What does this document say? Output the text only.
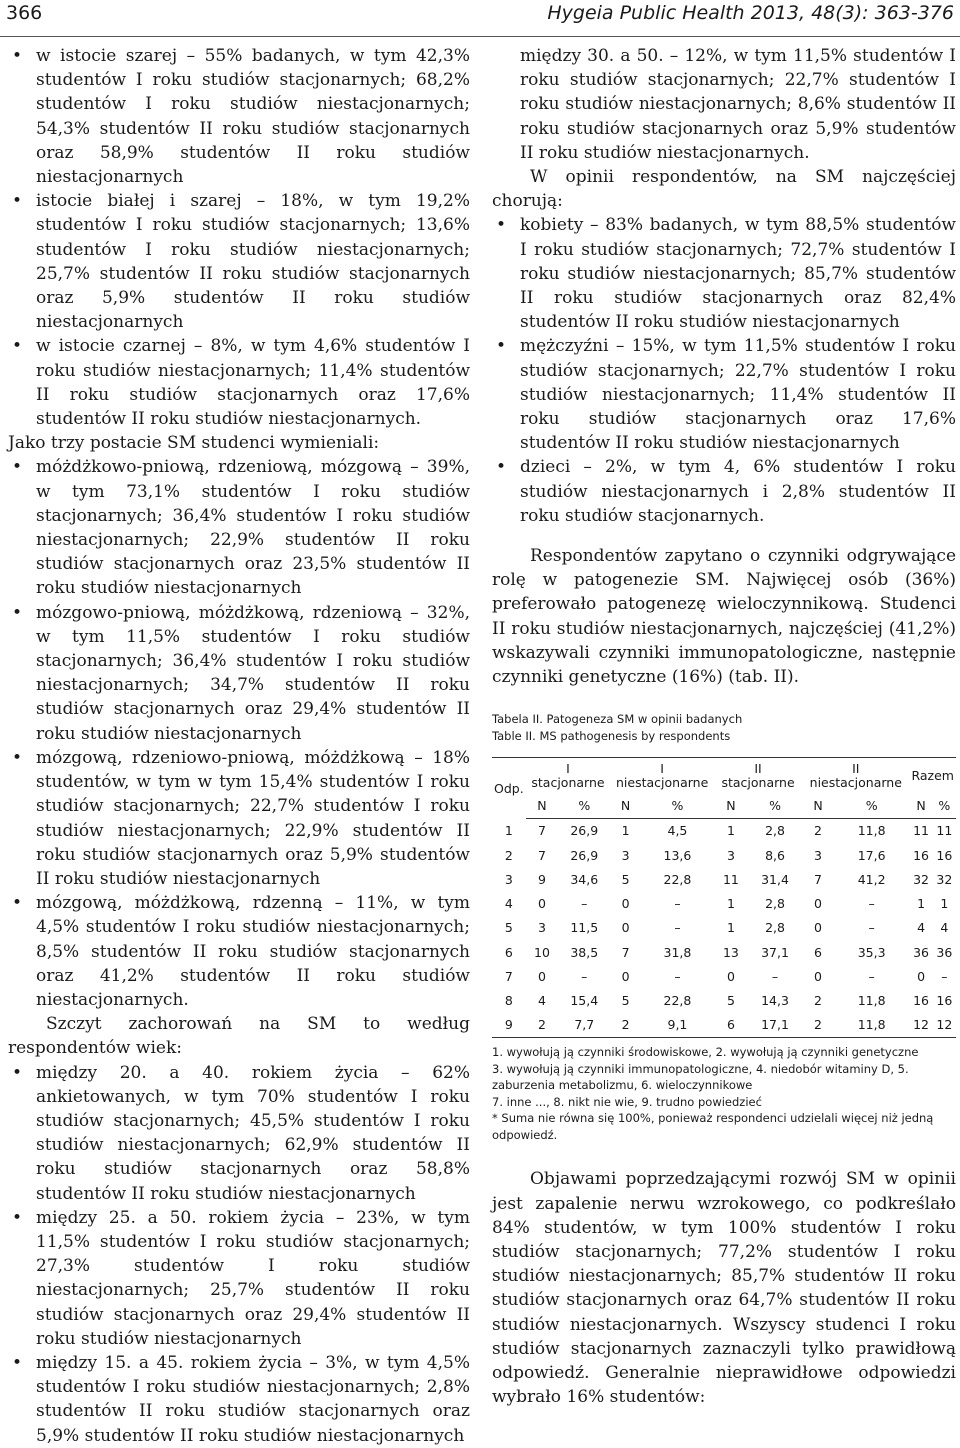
366	Hygeia Public Health 2013, 48(3): 363-376
• w istocie szarej – 55% badanych, w tym 42,3% studentów I roku studiów stacjonarnych; 68,2% studentów I roku studiów niestacjonarnych; 54,3% studentów II roku studiów stacjonarnych oraz 58,9% studentów II roku studiów niestacjonarnych
• istocie białej i szarej – 18%, w tym 19,2% studentów I roku studiów stacjonarnych; 13,6% studentów I roku studiów niestacjonarnych; 25,7% studentów II roku studiów stacjonarnych oraz 5,9% studentów II roku studiów niestacjonarnych
• w istocie czarnej – 8%, w tym 4,6% studentów I roku studiów niestacjonarnych; 11,4% studentów II roku studiów stacjonarnych oraz 17,6% studentów II roku studiów niestacjonarnych.

Jako trzy postacie SM studenci wymieniali:

• móżdżkowo-pniową, rdzeniową, mózgową – 39%, w tym 73,1% studentów I roku studiów stacjonarnych; 36,4% studentów I roku studiów niestacjonarnych; 22,9% studentów II roku studiów stacjonarnych oraz 23,5% studentów II roku studiów niestacjonarnych
• mózgowo-pniową, móżdżkową, rdzeniową – 32%, w tym 11,5% studentów I roku studiów stacjonarnych; 36,4% studentów I roku studiów niestacjonarnych; 34,7% studentów II roku studiów stacjonarnych oraz 29,4% studentów II roku studiów niestacjonarnych
• mózgową, rdzeniowo-pniową, móżdżkową – 18% studentów, w tym w tym 15,4% studentów I roku studiów stacjonarnych; 22,7% studentów I roku studiów niestacjonarnych; 22,9% studentów II roku studiów stacjonarnych oraz 5,9% studentów II roku studiów niestacjonarnych
• mózgową, móżdżkową, rdzenną – 11%, w tym 4,5% studentów I roku studiów niestacjonarnych; 8,5% studentów II roku studiów stacjonarnych oraz 41,2% studentów II roku studiów niestacjonarnych.

Szczyt zachorowań na SM to według respondentów wiek:

• między 20. a 40. rokiem życia – 62% ankietowanych, w tym 70% studentów I roku studiów stacjonarnych; 45,5% studentów I roku studiów niestacjonarnych; 62,9% studentów II roku studiów stacjonarnych oraz 58,8% studentów II roku studiów niestacjonarnych
• między 25. a 50. rokiem życia – 23%, w tym 11,5% studentów I roku studiów stacjonarnych; 27,3% studentów I roku studiów niestacjonarnych; 25,7% studentów II roku studiów stacjonarnych oraz 29,4% studentów II roku studiów niestacjonarnych
• między 15. a 45. rokiem życia – 3%, w tym 4,5% studentów I roku studiów niestacjonarnych; 2,8% studentów II roku studiów stacjonarnych oraz 5,9% studentów II roku studiów niestacjonarnych
między 30. a 50. – 12%, w tym 11,5% studentów I roku studiów stacjonarnych; 22,7% studentów I roku studiów niestacjonarnych; 8,6% studentów II roku studiów stacjonarnych oraz 5,9% studentów II roku studiów niestacjonarnych.

W opinii respondentów, na SM najczęściej chorują:

• kobiety – 83% badanych, w tym 88,5% studentów I roku studiów stacjonarnych; 72,7% studentów I roku studiów niestacjonarnych; 85,7% studentów II roku studiów stacjonarnych oraz 82,4% studentów II roku studiów niestacjonarnych
• mężczyźni – 15%, w tym 11,5% studentów I roku studiów stacjonarnych; 22,7% studentów I roku studiów niestacjonarnych; 11,4% studentów II roku studiów stacjonarnych oraz 17,6% studentów II roku studiów niestacjonarnych
• dzieci – 2%, w tym 4, 6% studentów I roku studiów niestacjonarnych i 2,8% studentów II roku studiów stacjonarnych.

Respondentów zapytano o czynniki odgrywające rolę w patogenezie SM. Najwięcej osób (36%) preferowało patogenezę wieloczynnikową. Studenci II roku studiów niestacjonarnych, najczęściej (41,2%) wskazywali czynniki immunopatologiczne, następnie czynniki genetyczne (16%) (tab. II).

Tabela II. Patogeneza SM w opinii badanych
Table II. MS pathogenesis by respondents
Odp.	I stacjonarne		I niestacjonarne		II stacjonarne		II niestacjonarne		Razem	
	N	%	N	%	N	%	N	%	N	%
1	7	26,9	1	4,5	1	2,8	2	11,8	11	11
2	7	26,9	3	13,6	3	8,6	3	17,6	16	16
3	9	34,6	5	22,8	11	31,4	7	41,2	32	32
4	0	–	0	–	1	2,8	0	–	1	1
5	3	11,5	0	–	1	2,8	0	–	4	4
6	10	38,5	7	31,8	13	37,1	6	35,3	36	36
7	0	–	0	–	0	–	0	–	0	–
8	4	15,4	5	22,8	5	14,3	2	11,8	16	16
9	2	7,7	2	9,1	6	17,1	2	11,8	12	12
1. wywołują ją czynniki środowiskowe, 2. wywołują ją czynniki genetyczne
3. wywołują ją czynniki immunopatologiczne, 4. niedobór witaminy D, 5. zaburzenia metabolizmu, 6. wieloczynnikowe
7. inne ..., 8. nikt nie wie, 9. trudno powiedzieć
* Suma nie równa się 100%, ponieważ respondenci udzielali więcej niż jedną odpowiedź.

Objawami poprzedzającymi rozwój SM w opinii jest zapalenie nerwu wzrokowego, co podkreślało 84% studentów, w tym 100% studentów I roku studiów stacjonarnych; 77,2% studentów I roku studiów niestacjonarnych; 85,7% studentów II roku studiów stacjonarnych oraz 64,7% studentów II roku studiów niestacjonarnych. Wszyscy studenci I roku studiów stacjonarnych zaznaczyli tylko prawidłową odpowiedź. Generalnie nieprawidłowe odpowiedzi wybrało 16% studentów:
